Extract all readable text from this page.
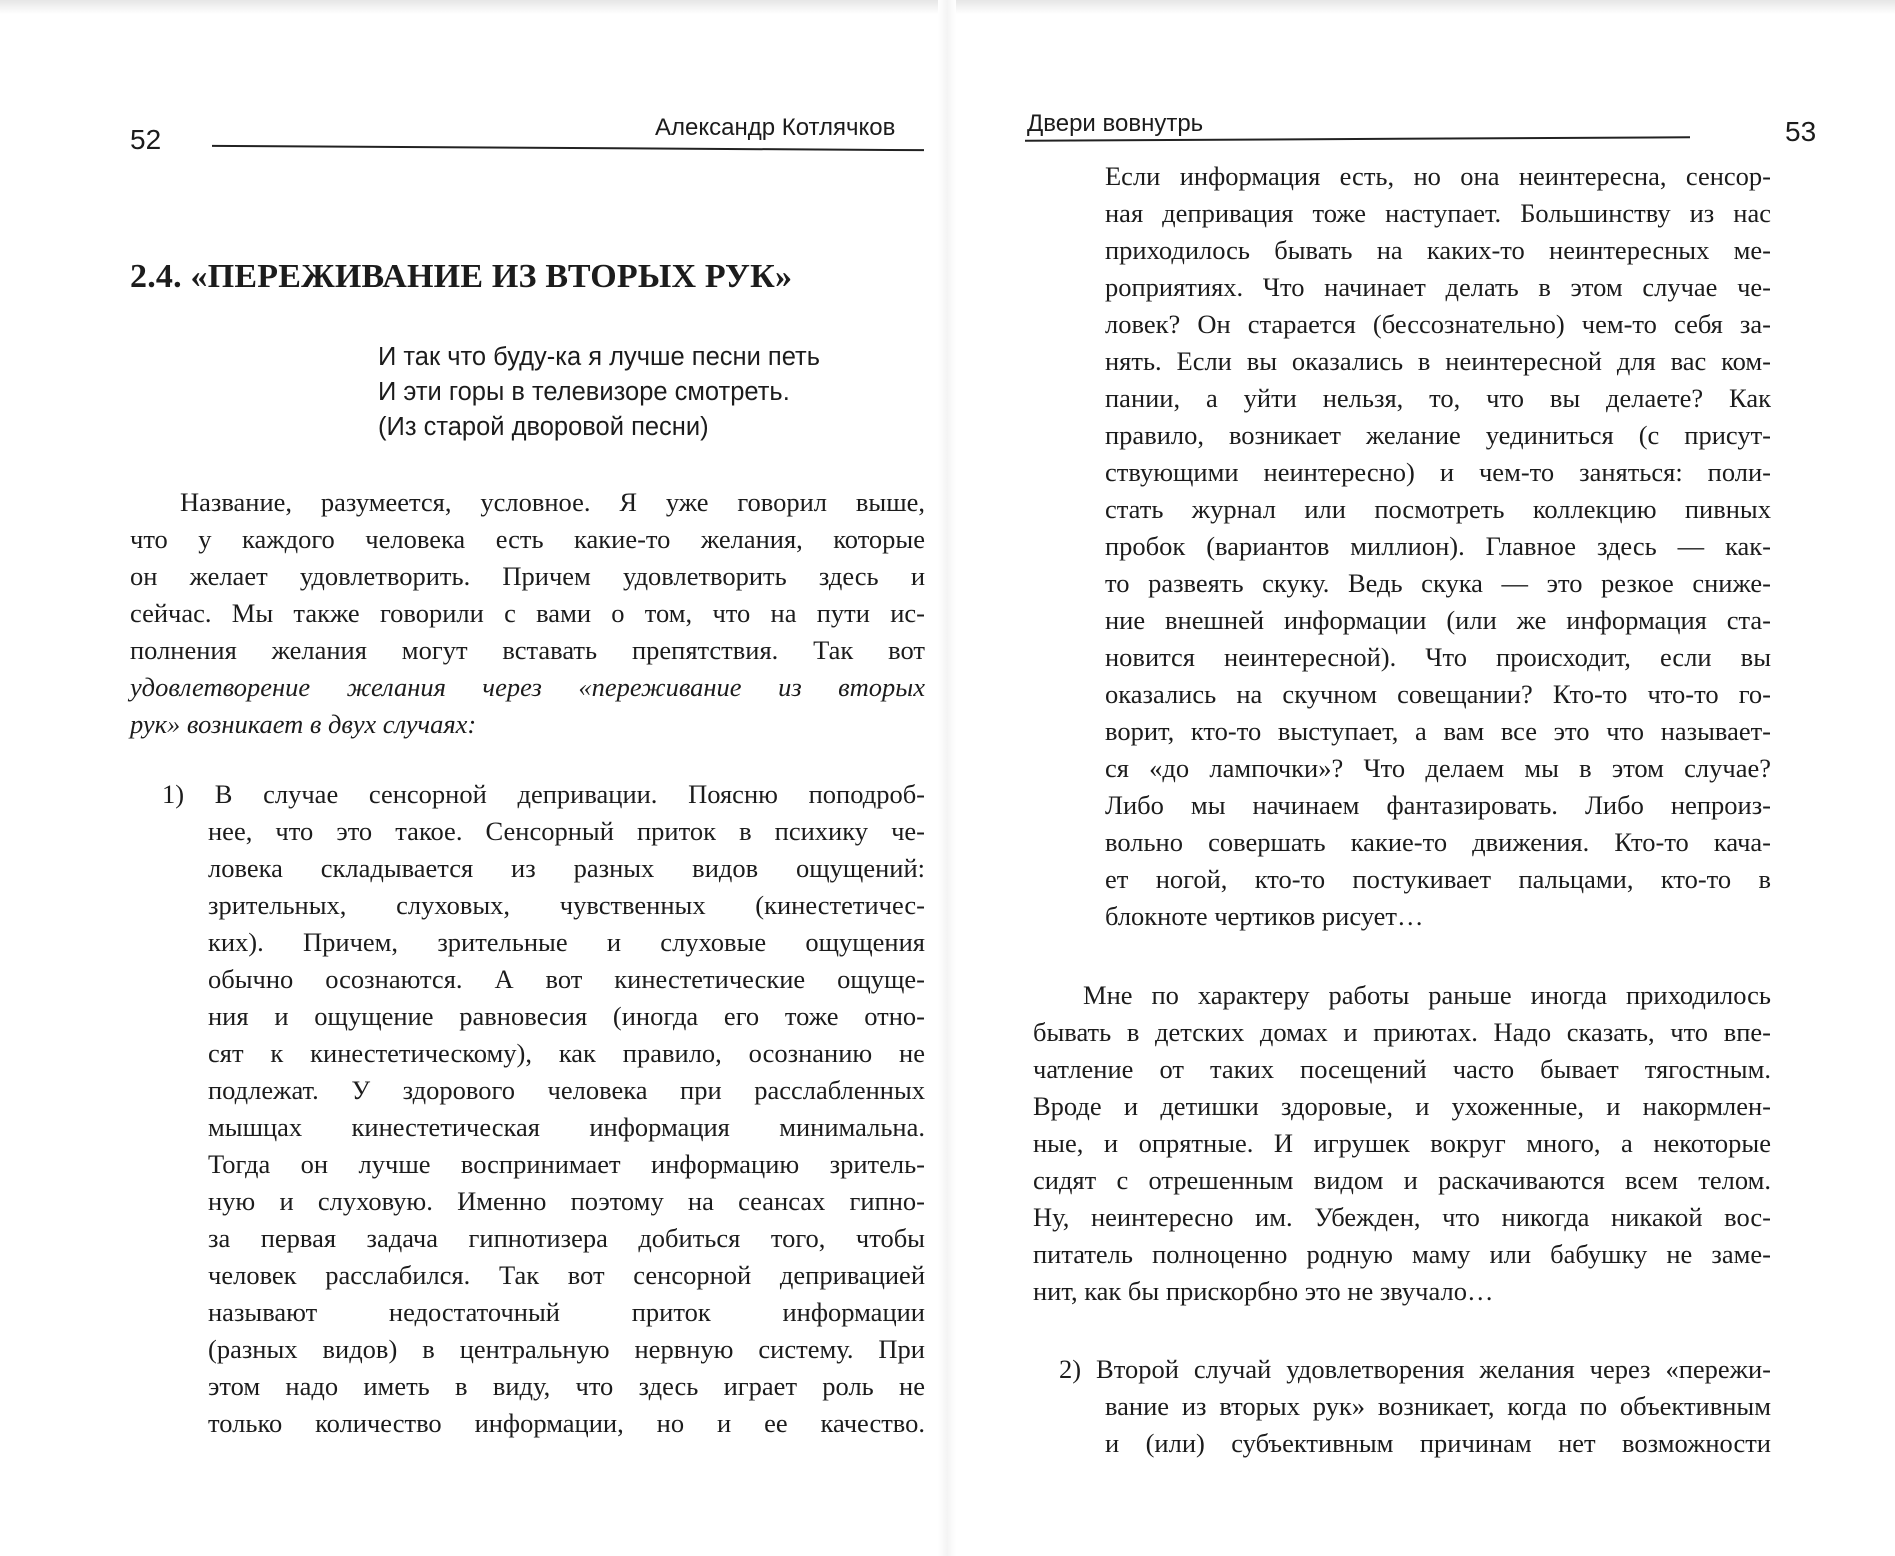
52	Александр Котлячков
2.4. «ПЕРЕЖИВАНИЕ ИЗ ВТОРЫХ РУК»
И так что буду-ка я лучше песни петь
И эти горы в телевизоре смотреть.
(Из старой дворовой песни)
Название, разумеется, условное. Я уже говорил выше,
что у каждого человека есть какие-то желания, которые
он желает удовлетворить. Причем удовлетворить здесь и
сейчас. Мы также говорили с вами о том, что на пути ис-
полнения желания могут вставать препятствия. Так вот
удовлетворение желания через «переживание из вторых
рук» возникает в двух случаях:
1) В случае сенсорной депривации. Поясню поподроб-
нее, что это такое. Сенсорный приток в психику че-
ловека складывается из разных видов ощущений:
зрительных, слуховых, чувственных (кинестетичес-
ких). Причем, зрительные и слуховые ощущения
обычно осознаются. А вот кинестетические ощуще-
ния и ощущение равновесия (иногда его тоже отно-
сят к кинестетическому), как правило, осознанию не
подлежат. У здорового человека при расслабленных
мышцах кинестетическая информация минимальна.
Тогда он лучше воспринимает информацию зритель-
ную и слуховую. Именно поэтому на сеансах гипно-
за первая задача гипнотизера добиться того, чтобы
человек расслабился. Так вот сенсорной депривацией
называют недостаточный приток информации
(разных видов) в центральную нервную систему. При
этом надо иметь в виду, что здесь играет роль не
только количество информации, но и ее качество.
Двери вовнутрь	53
Если информация есть, но она неинтересна, сенсор-
ная депривация тоже наступает. Большинству из нас
приходилось бывать на каких-то неинтересных ме-
роприятиях. Что начинает делать в этом случае че-
ловек? Он старается (бессознательно) чем-то себя за-
нять. Если вы оказались в неинтересной для вас ком-
пании, а уйти нельзя, то, что вы делаете? Как
правило, возникает желание уединиться (с присут-
ствующими неинтересно) и чем-то заняться: поли-
стать журнал или посмотреть коллекцию пивных
пробок (вариантов миллион). Главное здесь — как-
то развеять скуку. Ведь скука — это резкое сниже-
ние внешней информации (или же информация ста-
новится неинтересной). Что происходит, если вы
оказались на скучном совещании? Кто-то что-то го-
ворит, кто-то выступает, а вам все это что называет-
ся «до лампочки»? Что делаем мы в этом случае?
Либо мы начинаем фантазировать. Либо непроиз-
вольно совершать какие-то движения. Кто-то кача-
ет ногой, кто-то постукивает пальцами, кто-то в
блокноте чертиков рисует…
Мне по характеру работы раньше иногда приходилось
бывать в детских домах и приютах. Надо сказать, что впе-
чатление от таких посещений часто бывает тягостным.
Вроде и детишки здоровые, и ухоженные, и накормлен-
ные, и опрятные. И игрушек вокруг много, а некоторые
сидят с отрешенным видом и раскачиваются всем телом.
Ну, неинтересно им. Убежден, что никогда никакой вос-
питатель полноценно родную маму или бабушку не заме-
нит, как бы прискорбно это не звучало…
2) Второй случай удовлетворения желания через «пережи-
вание из вторых рук» возникает, когда по объективным
и (или) субъективным причинам нет возможности
